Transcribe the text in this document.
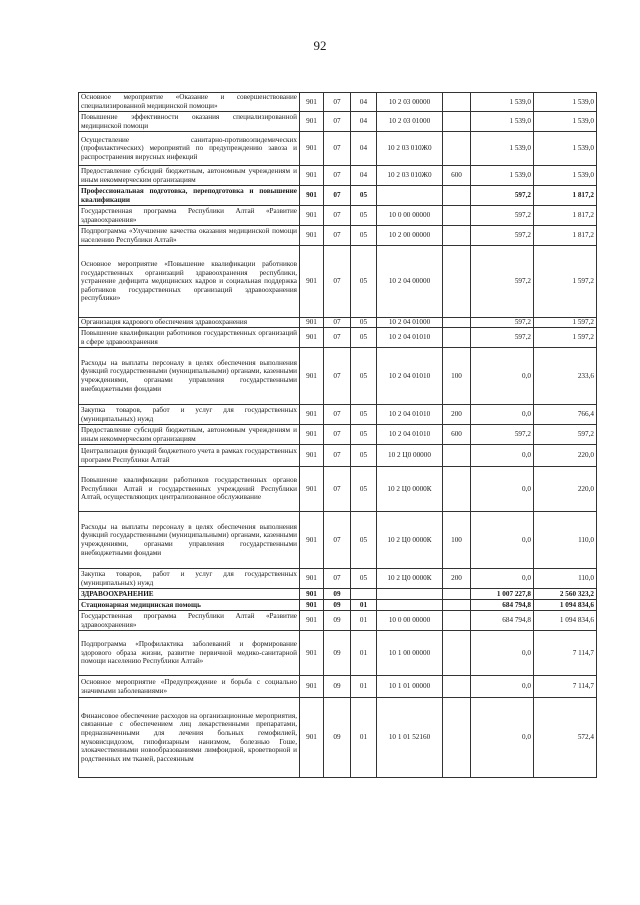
92
Основное мероприятие «Оказание и совершенствование специализированной медицинской помощи»	901	07	04	10 2 03 00000		1 539,0	1 539,0
Повышение эффективности оказания специализированной медицинской помощи	901	07	04	10 2 03 01000		1 539,0	1 539,0
Осуществление санитарно-противоэпидемических (профилактических) мероприятий по предупреждению завоза и распространения вирусных инфекций	901	07	04	10 2 03 010Ж0		1 539,0	1 539,0
Предоставление субсидий бюджетным, автономным учреждениям и иным некоммерческим организациям	901	07	04	10 2 03 010Ж0	600	1 539,0	1 539,0
Профессиональная подготовка, переподготовка и повышение квалификации	901	07	05			597,2	1 817,2
Государственная программа Республики Алтай «Развитие здравоохранения»	901	07	05	10 0 00 00000		597,2	1 817,2
Подпрограмма «Улучшение качества оказания медицинской помощи населению Республики Алтай»	901	07	05	10 2 00 00000		597,2	1 817,2
Основное мероприятие «Повышение квалификации работников государственных организаций здравоохранения республики, устранение дефицита медицинских кадров и социальная поддержка работников государственных организаций здравоохранения республики»	901	07	05	10 2 04 00000		597,2	1 597,2
Организация кадрового обеспечения здравоохранения	901	07	05	10 2 04 01000		597,2	1 597,2
Повышение квалификации работников государственных организаций в сфере здравоохранения	901	07	05	10 2 04 01010		597,2	1 597,2
Расходы на выплаты персоналу в целях обеспечения выполнения функций государственными (муниципальными) органами, казенными учреждениями, органами управления государственными внебюджетными фондами	901	07	05	10 2 04 01010	100	0,0	233,6
Закупка товаров, работ и услуг для государственных (муниципальных) нужд	901	07	05	10 2 04 01010	200	0,0	766,4
Предоставление субсидий бюджетным, автономным учреждениям и иным некоммерческим организациям	901	07	05	10 2 04 01010	600	597,2	597,2
Централизация функций бюджетного учета в рамках государственных программ Республики Алтай	901	07	05	10 2 Ц0 00000		0,0	220,0
Повышение квалификации работников государственных органов Республики Алтай и государственных учреждений Республики Алтай, осуществляющих централизованное обслуживание	901	07	05	10 2 Ц0 0000К		0,0	220,0
Расходы на выплаты персоналу в целях обеспечения выполнения функций государственными (муниципальными) органами, казенными учреждениями, органами управления государственными внебюджетными фондами	901	07	05	10 2 Ц0 0000К	100	0,0	110,0
Закупка товаров, работ и услуг для государственных (муниципальных) нужд	901	07	05	10 2 Ц0 0000К	200	0,0	110,0
ЗДРАВООХРАНЕНИЕ	901	09				1 007 227,8	2 560 323,2
Стационарная медицинская помощь	901	09	01			684 794,8	1 094 834,6
Государственная программа Республики Алтай «Развитие здравоохранения»	901	09	01	10 0 00 00000		684 794,8	1 094 834,6
Подпрограмма «Профилактика заболеваний и формирование здорового образа жизни, развитие первичной медико-санитарной помощи населению Республики Алтай»	901	09	01	10 1 00 00000		0,0	7 114,7
Основное мероприятие «Предупреждение и борьба с социально значимыми заболеваниями»	901	09	01	10 1 01 00000		0,0	7 114,7
Финансовое обеспечение расходов на организационные мероприятия, связанные с обеспечением лиц лекарственными препаратами, предназначенными для лечения больных гемофилией, муковисцидозом, гипофизарным нанизмом, болезнью Гоше, злокачественными новообразованиями лимфоидной, кроветворной и родственных им тканей, рассеянным	901	09	01	10 1 01 52160		0,0	572,4
